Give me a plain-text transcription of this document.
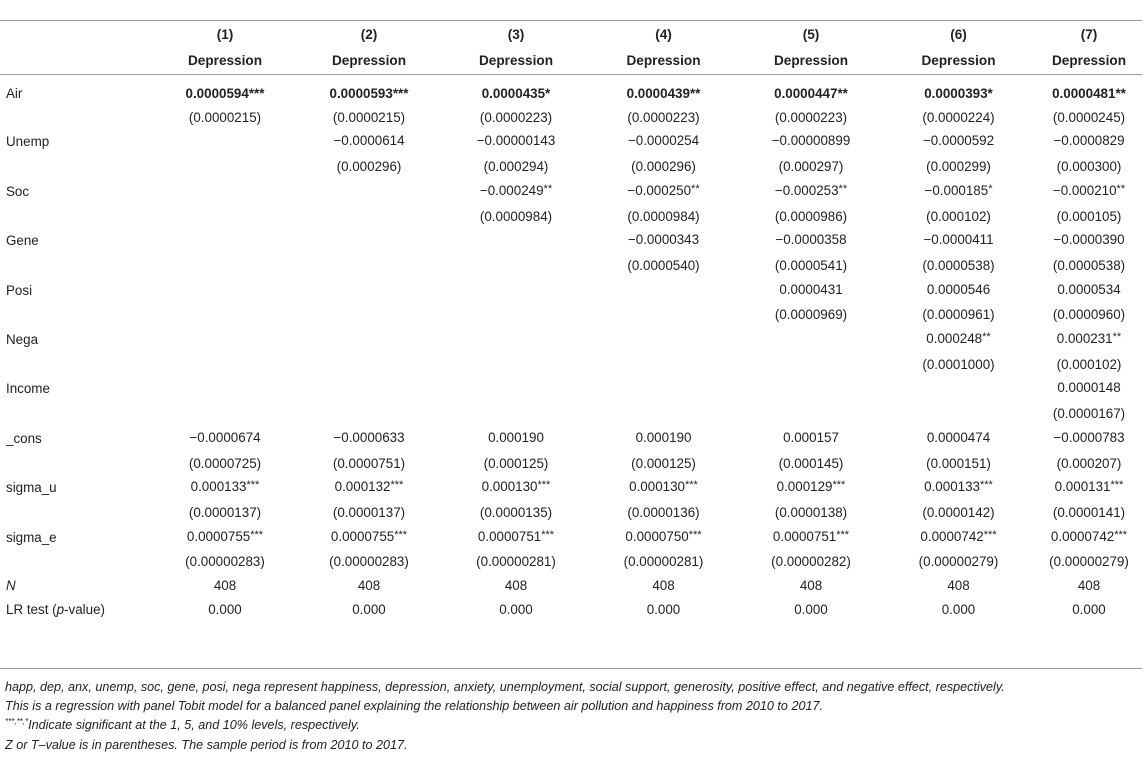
	(1)	(2)	(3)	(4)	(5)	(6)	(7)
	Depression	Depression	Depression	Depression	Depression	Depression	Depression

Air	0.0000594***	0.0000593***	0.0000435*	0.0000439**	0.0000447**	0.0000393*	0.0000481**
	(0.0000215)	(0.0000215)	(0.0000223)	(0.0000223)	(0.0000223)	(0.0000224)	(0.0000245)
Unemp		−0.0000614	−0.00000143	−0.0000254	−0.00000899	−0.0000592	−0.0000829
		(0.000296)	(0.000294)	(0.000296)	(0.000297)	(0.000299)	(0.000300)
Soc			−0.000249**	−0.000250**	−0.000253**	−0.000185*	−0.000210**
			(0.0000984)	(0.0000984)	(0.0000986)	(0.000102)	(0.000105)
Gene				−0.0000343	−0.0000358	−0.0000411	−0.0000390
				(0.0000540)	(0.0000541)	(0.0000538)	(0.0000538)
Posi					0.0000431	0.0000546	0.0000534
					(0.0000969)	(0.0000961)	(0.0000960)
Nega						0.000248**	0.000231**
						(0.0001000)	(0.000102)
Income							0.0000148
							(0.0000167)
_cons	−0.0000674	−0.0000633	0.000190	0.000190	0.000157	0.0000474	−0.0000783
	(0.0000725)	(0.0000751)	(0.000125)	(0.000125)	(0.000145)	(0.000151)	(0.000207)
sigma_u	0.000133***	0.000132***	0.000130***	0.000130***	0.000129***	0.000133***	0.000131***
	(0.0000137)	(0.0000137)	(0.0000135)	(0.0000136)	(0.0000138)	(0.0000142)	(0.0000141)
sigma_e	0.0000755***	0.0000755***	0.0000751***	0.0000750***	0.0000751***	0.0000742***	0.0000742***
	(0.00000283)	(0.00000283)	(0.00000281)	(0.00000281)	(0.00000282)	(0.00000279)	(0.00000279)
N	408	408	408	408	408	408	408
LR test (p-value)	0.000	0.000	0.000	0.000	0.000	0.000	0.000
happ, dep, anx, unemp, soc, gene, posi, nega represent happiness, depression, anxiety, unemployment, social support, generosity, positive effect, and negative effect, respectively.
This is a regression with panel Tobit model for a balanced panel explaining the relationship between air pollution and happiness from 2010 to 2017.
***,**,*Indicate significant at the 1, 5, and 10% levels, respectively.
Z or T–value is in parentheses. The sample period is from 2010 to 2017.
